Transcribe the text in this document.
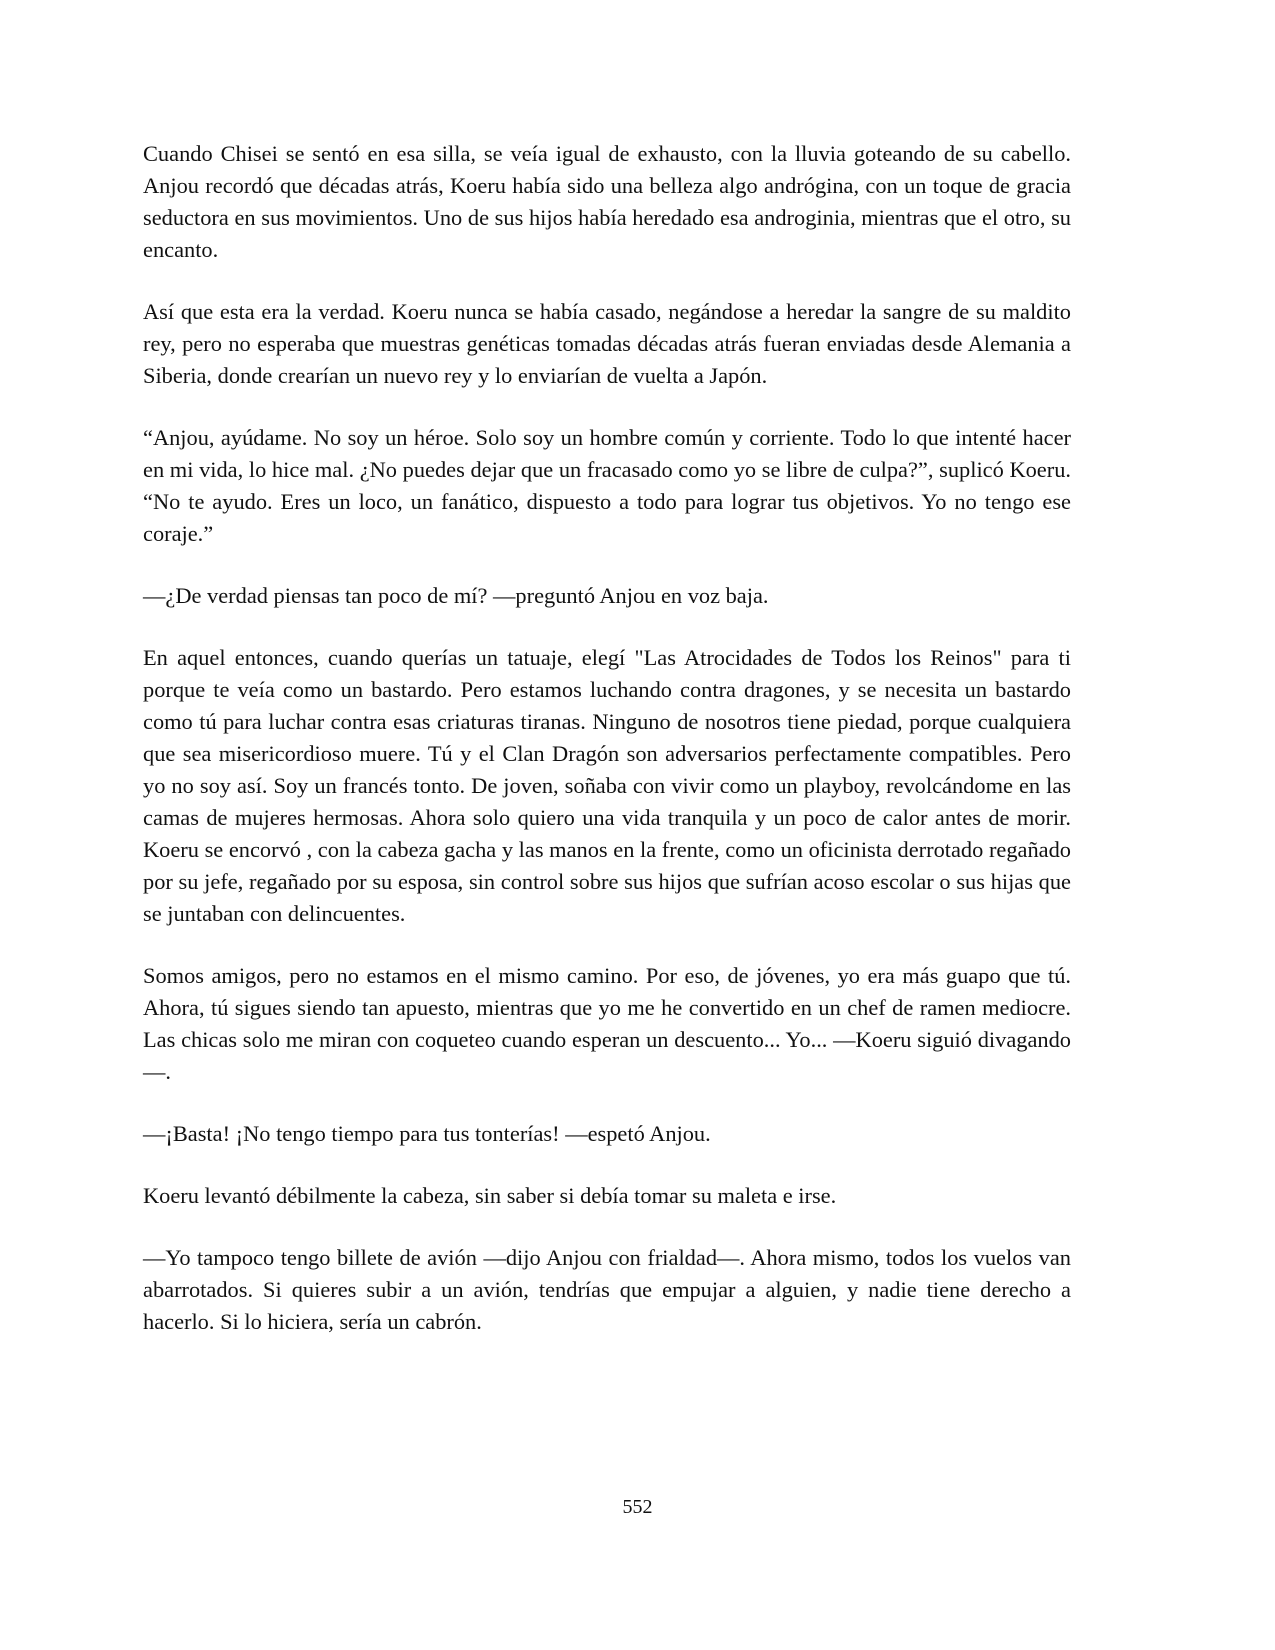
Cuando Chisei se sentó en esa silla, se veía igual de exhausto, con la lluvia goteando de su cabello. Anjou recordó que décadas atrás, Koeru había sido una belleza algo andrógina, con un toque de gracia seductora en sus movimientos. Uno de sus hijos había heredado esa androginia, mientras que el otro, su encanto.

Así que esta era la verdad. Koeru nunca se había casado, negándose a heredar la sangre de su maldito rey, pero no esperaba que muestras genéticas tomadas décadas atrás fueran enviadas desde Alemania a Siberia, donde crearían un nuevo rey y lo enviarían de vuelta a Japón.

“Anjou, ayúdame. No soy un héroe. Solo soy un hombre común y corriente. Todo lo que intenté hacer en mi vida, lo hice mal. ¿No puedes dejar que un fracasado como yo se libre de culpa?”, suplicó Koeru. “No te ayudo. Eres un loco, un fanático, dispuesto a todo para lograr tus objetivos. Yo no tengo ese coraje.”

—¿De verdad piensas tan poco de mí? —preguntó Anjou en voz baja.

En aquel entonces, cuando querías un tatuaje, elegí "Las Atrocidades de Todos los Reinos" para ti porque te veía como un bastardo. Pero estamos luchando contra dragones, y se necesita un bastardo como tú para luchar contra esas criaturas tiranas. Ninguno de nosotros tiene piedad, porque cualquiera que sea misericordioso muere. Tú y el Clan Dragón son adversarios perfectamente compatibles. Pero yo no soy así. Soy un francés tonto. De joven, soñaba con vivir como un playboy, revolcándome en las camas de mujeres hermosas. Ahora solo quiero una vida tranquila y un poco de calor antes de morir. Koeru se encorvó , con la cabeza gacha y las manos en la frente, como un oficinista derrotado regañado por su jefe, regañado por su esposa, sin control sobre sus hijos que sufrían acoso escolar o sus hijas que se juntaban con delincuentes.

Somos amigos, pero no estamos en el mismo camino. Por eso, de jóvenes, yo era más guapo que tú. Ahora, tú sigues siendo tan apuesto, mientras que yo me he convertido en un chef de ramen mediocre. Las chicas solo me miran con coqueteo cuando esperan un descuento... Yo... —Koeru siguió divagando—.

—¡Basta! ¡No tengo tiempo para tus tonterías! —espetó Anjou.

Koeru levantó débilmente la cabeza, sin saber si debía tomar su maleta e irse.

—Yo tampoco tengo billete de avión —dijo Anjou con frialdad—. Ahora mismo, todos los vuelos van abarrotados. Si quieres subir a un avión, tendrías que empujar a alguien, y nadie tiene derecho a hacerlo. Si lo hiciera, sería un cabrón.

552
